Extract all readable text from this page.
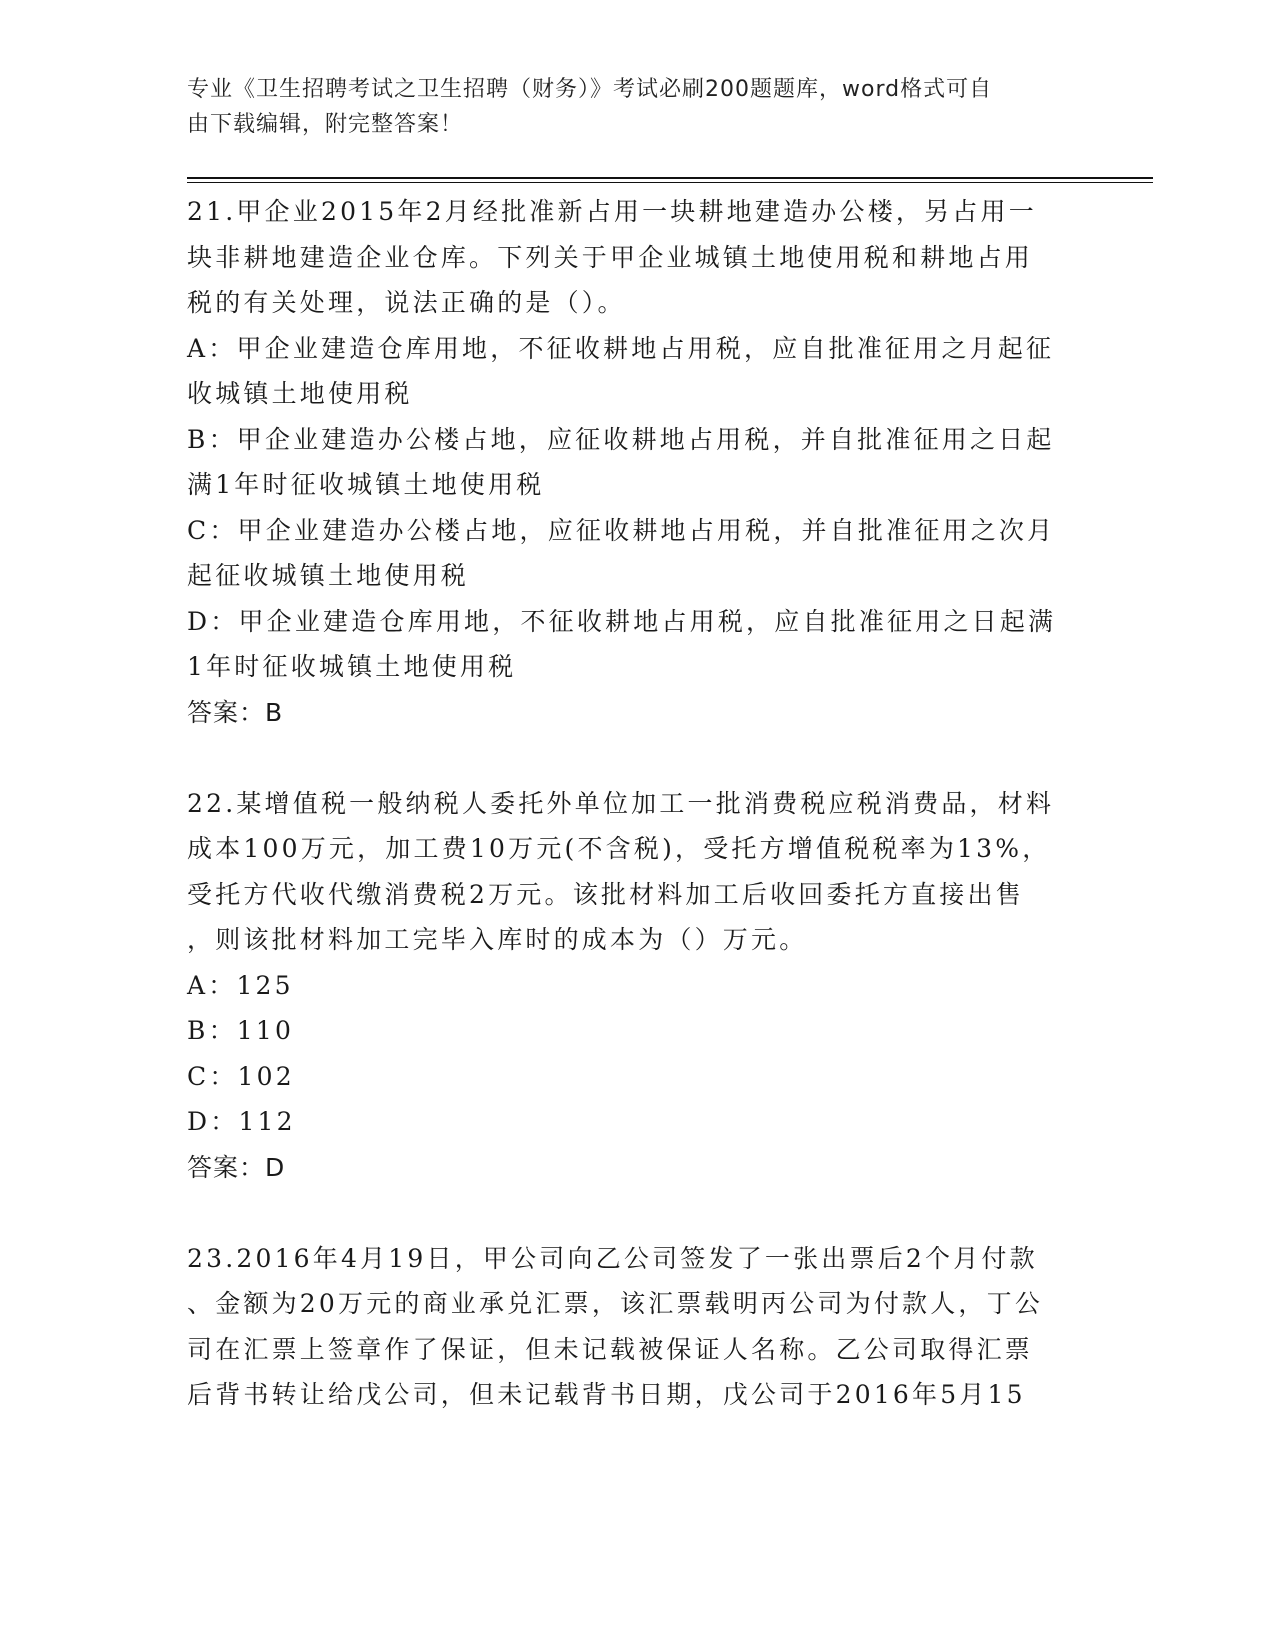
专业《卫生招聘考试之卫生招聘（财务）》考试必刷200题题库，word格式可自
由下载编辑，附完整答案！
21.甲企业2015年2月经批准新占用一块耕地建造办公楼，另占用一
块非耕地建造企业仓库。下列关于甲企业城镇土地使用税和耕地占用
税的有关处理，说法正确的是（）。
A：甲企业建造仓库用地，不征收耕地占用税，应自批准征用之月起征
收城镇土地使用税
B：甲企业建造办公楼占地，应征收耕地占用税，并自批准征用之日起
满1年时征收城镇土地使用税
C：甲企业建造办公楼占地，应征收耕地占用税，并自批准征用之次月
起征收城镇土地使用税
D：甲企业建造仓库用地，不征收耕地占用税，应自批准征用之日起满
1年时征收城镇土地使用税
答案：B
22.某增值税一般纳税人委托外单位加工一批消费税应税消费品，材料
成本100万元，加工费10万元(不含税)，受托方增值税税率为13%，
受托方代收代缴消费税2万元。该批材料加工后收回委托方直接出售
，则该批材料加工完毕入库时的成本为（）万元。
A：125
B：110
C：102
D：112
答案：D
23.2016年4月19日，甲公司向乙公司签发了一张出票后2个月付款
、金额为20万元的商业承兑汇票，该汇票载明丙公司为付款人，丁公
司在汇票上签章作了保证，但未记载被保证人名称。乙公司取得汇票
后背书转让给戊公司，但未记载背书日期，戊公司于2016年5月15
